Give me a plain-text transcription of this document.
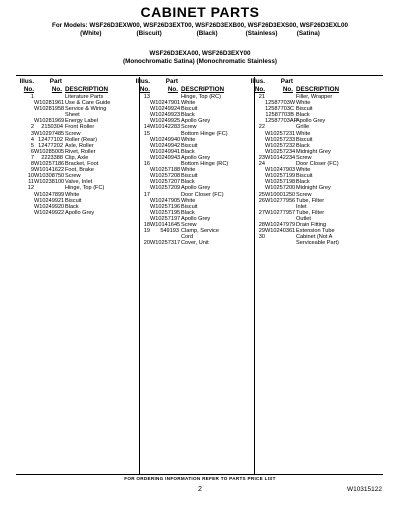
CABINET PARTS
For Models: WSF26D3EXW00, WSF26D3EXT00, WSF26D3EXB00, WSF26D3EXS00, WSF26D3EXL00
(White)                    (Biscuit)                    (Black)                (Stainless)           (Satina)
WSF26D3EXA00, WSF26D3EXY00
(Monochromatic Satina) (Monochromatic Stainless)
Illus.
No.
Part
No. DESCRIPTION
1	Literature Parts
W10281961 Use & Care Guide
W10281958 Service & Wiring
Sheet
W10281969 Energy Label
2	2150304 Front Roller
3 W10297485 Screw
4 12477102 Roller (Rear)
5 12477202 Axle, Roller
6 W10285005 Rivet, Roller
7	2223388 Clip, Axle
8 W10257186 Bracket, Foot
9 W10141622 Foot, Brake
10 W10308750 Screw
11 W10238100 Valve, Inlet
12	Hinge, Top (FC)
W10247899 White
W10249921 Biscuit
W10249920 Black
W10249922 Apollo Grey
Illus.
No.
Part
No. DESCRIPTION
13	Hinge, Top (RC)
W10247901 White
W10249924 Biscuit
W10249923 Black
W10249925 Apollo Grey
14 W10142283 Screw
15	Bottom Hinge (FC)
W10249940 White
W10249942 Biscuit
W10249941 Black
W10249943 Apollo Grey
16	Bottom Hinge (RC)
W10257188 White
W10257208 Biscuit
W10257207 Black
W10257209 Apollo Grey
17	Door Closer (FC)
W10247905 White
W10257196 Biscuit
W10257195 Black
W10257197 Apollo Grey
18 W10141645 Screw
19	549193 Clamp, Service
Cord
20 W10257317 Cover, Unit
Illus.
No.
Part
No. DESCRIPTION
21	Filler, Wrapper
12587703W White
12587703C Biscuit
12587703B Black
12587703AP
Apollo Grey
22	Grille
W10257231 White
W10257233 Biscuit
W10257232 Black
W10257234 Midnight Grey
23 W10142234 Screw
24	Door Closer (FC)
W10247903 White
W10257199 Biscuit
W10257198 Black
W10257200 Midnight Grey
25 W10001250 Screw
26 W10277956 Tube, Filter
Inlet
27 W10277957 Tube, Filter
Outlet
28 W10247979 Drain Fitting
29 W10240361 Extension Tube
30	Cabinet (Not A
Serviceable Part)
FOR ORDERING INFORMATION REFER TO PARTS PRICE LIST
2	W10315122
